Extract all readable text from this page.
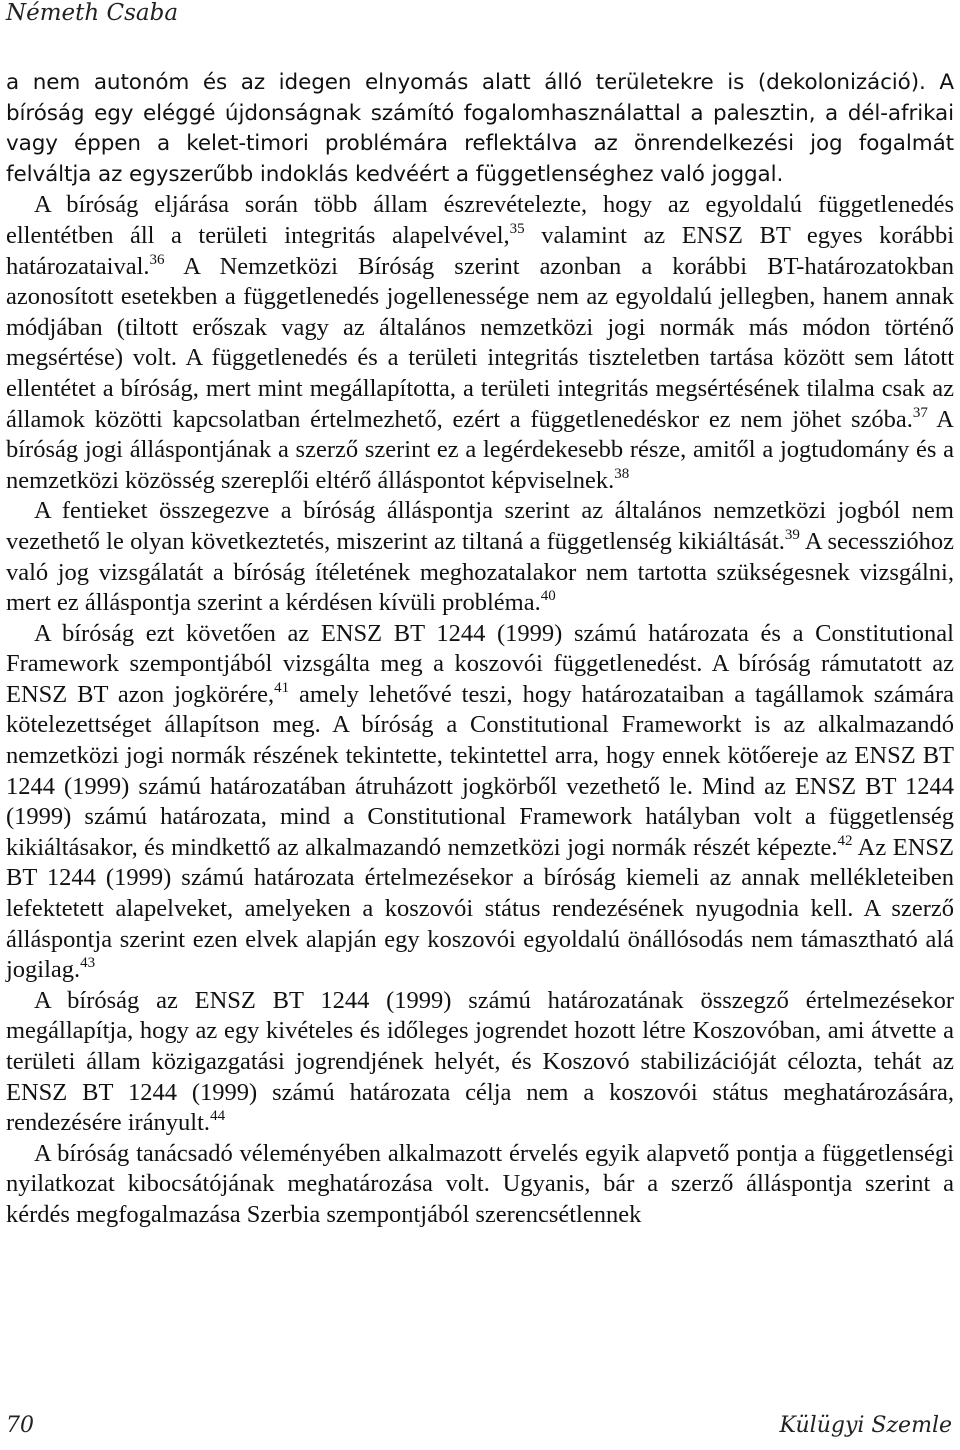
Németh Csaba

a nem autonóm és az idegen elnyomás alatt álló területekre is (dekolonizáció). A bíróság egy eléggé újdonságnak számító fogalomhasználattal a palesztin, a dél-afrikai vagy éppen a kelet-timori problémára reflektálva az önrendelkezési jog fogalmát felváltja az egyszerűbb indoklás kedvéért a függetlenséghez való joggal.

A bíróság eljárása során több állam észrevételezte, hogy az egyoldalú függetlenedés ellentétben áll a területi integritás alapelvével,$^{35}$ valamint az ENSZ BT egyes korábbi határozataival.$^{36}$ A Nemzetközi Bíróság szerint azonban a korábbi BT-határozatokban azonosított esetekben a függetlenedés jogellenessége nem az egyoldalú jellegben, hanem annak módjában (tiltott erőszak vagy az általános nemzetközi jogi normák más módon történő megsértése) volt. A függetlenedés és a területi integritás tiszteletben tartása között sem látott ellentétet a bíróság, mert mint megállapította, a területi integritás megsértésének tilalma csak az államok közötti kapcsolatban értelmezhető, ezért a függetlenedéskor ez nem jöhet szóba.$^{37}$ A bíróság jogi álláspontjának a szerző szerint ez a legérdekesebb része, amitől a jogtudomány és a nemzetközi közösség szereplői eltérő álláspontot képviselnek.$^{38}$

A fentieket összegezve a bíróság álláspontja szerint az általános nemzetközi jogból nem vezethető le olyan következtetés, miszerint az tiltaná a függetlenség kikiáltását.$^{39}$ A secesszióhoz való jog vizsgálatát a bíróság ítéletének meghozatalakor nem tartotta szükségesnek vizsgálni, mert ez álláspontja szerint a kérdésen kívüli probléma.$^{40}$

A bíróság ezt követően az ENSZ BT 1244 (1999) számú határozata és a Constitutional Framework szempontjából vizsgálta meg a koszovói függetlenedést. A bíróság rámutatott az ENSZ BT azon jogkörére,$^{41}$ amely lehetővé teszi, hogy határozataiban a tagállamok számára kötelezettséget állapítson meg. A bíróság a Constitutional Frameworkt is az alkalmazandó nemzetközi jogi normák részének tekintette, tekintettel arra, hogy ennek kötőereje az ENSZ BT 1244 (1999) számú határozatában átruházott jogkörből vezethető le. Mind az ENSZ BT 1244 (1999) számú határozata, mind a Constitutional Framework hatályban volt a függetlenség kikiáltásakor, és mindkettő az alkalmazandó nemzetközi jogi normák részét képezte.$^{42}$ Az ENSZ BT 1244 (1999) számú határozata értelmezésekor a bíróság kiemeli az annak mellékleteiben lefektetett alapelveket, amelyeken a koszovói státus rendezésének nyugodnia kell. A szerző álláspontja szerint ezen elvek alapján egy koszovói egyoldalú önállósodás nem támasztható alá jogilag.$^{43}$

A bíróság az ENSZ BT 1244 (1999) számú határozatának összegző értelmezésekor megállapítja, hogy az egy kivételes és időleges jogrendet hozott létre Koszovóban, ami átvette a területi állam közigazgatási jogrendjének helyét, és Koszovó stabilizációját célozta, tehát az ENSZ BT 1244 (1999) számú határozata célja nem a koszovói státus meghatározására, rendezésére irányult.$^{44}$

A bíróság tanácsadó véleményében alkalmazott érvelés egyik alapvető pontja a függetlenségi nyilatkozat kibocsátójának meghatározása volt. Ugyanis, bár a szerző álláspontja szerint a kérdés megfogalmazása Szerbia szempontjából szerencsétlennek

70	Külügyi Szemle
